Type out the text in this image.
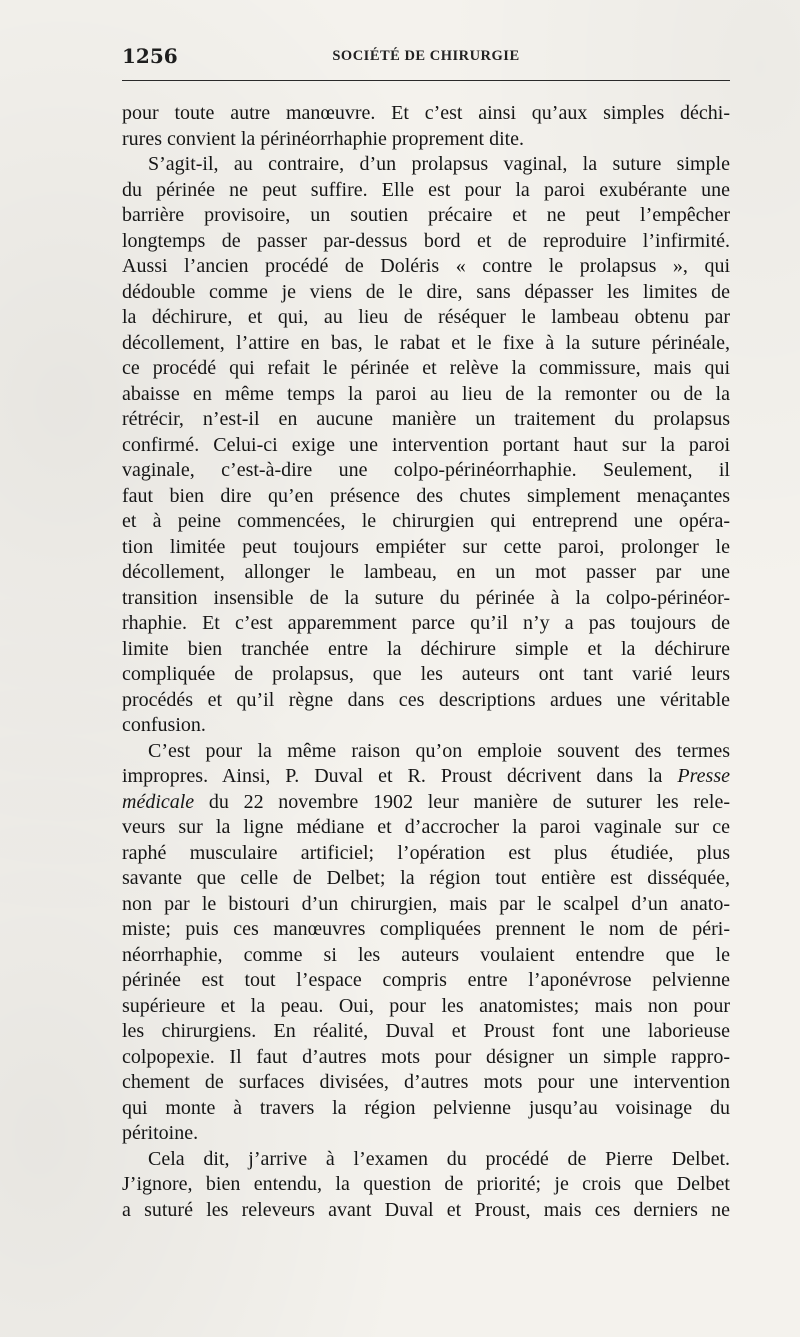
1256	SOCIÉTÉ DE CHIRURGIE
pour toute autre manœuvre. Et c’est ainsi qu’aux simples déchi-
rures convient la périnéorrhaphie proprement dite.
S’agit-il, au contraire, d’un prolapsus vaginal, la suture simple
du périnée ne peut suffire. Elle est pour la paroi exubérante une
barrière provisoire, un soutien précaire et ne peut l’empêcher
longtemps de passer par-dessus bord et de reproduire l’infirmité.
Aussi l’ancien procédé de Doléris « contre le prolapsus », qui
dédouble comme je viens de le dire, sans dépasser les limites de
la déchirure, et qui, au lieu de réséquer le lambeau obtenu par
décollement, l’attire en bas, le rabat et le fixe à la suture périnéale,
ce procédé qui refait le périnée et relève la commissure, mais qui
abaisse en même temps la paroi au lieu de la remonter ou de la
rétrécir, n’est-il en aucune manière un traitement du prolapsus
confirmé. Celui-ci exige une intervention portant haut sur la paroi
vaginale, c’est-à-dire une colpo-périnéorrhaphie. Seulement, il
faut bien dire qu’en présence des chutes simplement menaçantes
et à peine commencées, le chirurgien qui entreprend une opéra-
tion limitée peut toujours empiéter sur cette paroi, prolonger le
décollement, allonger le lambeau, en un mot passer par une
transition insensible de la suture du périnée à la colpo-périnéor-
rhaphie. Et c’est apparemment parce qu’il n’y a pas toujours de
limite bien tranchée entre la déchirure simple et la déchirure
compliquée de prolapsus, que les auteurs ont tant varié leurs
procédés et qu’il règne dans ces descriptions ardues une véritable
confusion.
C’est pour la même raison qu’on emploie souvent des termes
impropres. Ainsi, P. Duval et R. Proust décrivent dans la Presse
médicale du 22 novembre 1902 leur manière de suturer les rele-
veurs sur la ligne médiane et d’accrocher la paroi vaginale sur ce
raphé musculaire artificiel; l’opération est plus étudiée, plus
savante que celle de Delbet; la région tout entière est disséquée,
non par le bistouri d’un chirurgien, mais par le scalpel d’un anato-
miste; puis ces manœuvres compliquées prennent le nom de péri-
néorrhaphie, comme si les auteurs voulaient entendre que le
périnée est tout l’espace compris entre l’aponévrose pelvienne
supérieure et la peau. Oui, pour les anatomistes; mais non pour
les chirurgiens. En réalité, Duval et Proust font une laborieuse
colpopexie. Il faut d’autres mots pour désigner un simple rappro-
chement de surfaces divisées, d’autres mots pour une intervention
qui monte à travers la région pelvienne jusqu’au voisinage du
péritoine.
Cela dit, j’arrive à l’examen du procédé de Pierre Delbet.
J’ignore, bien entendu, la question de priorité; je crois que Delbet
a suturé les releveurs avant Duval et Proust, mais ces derniers ne
